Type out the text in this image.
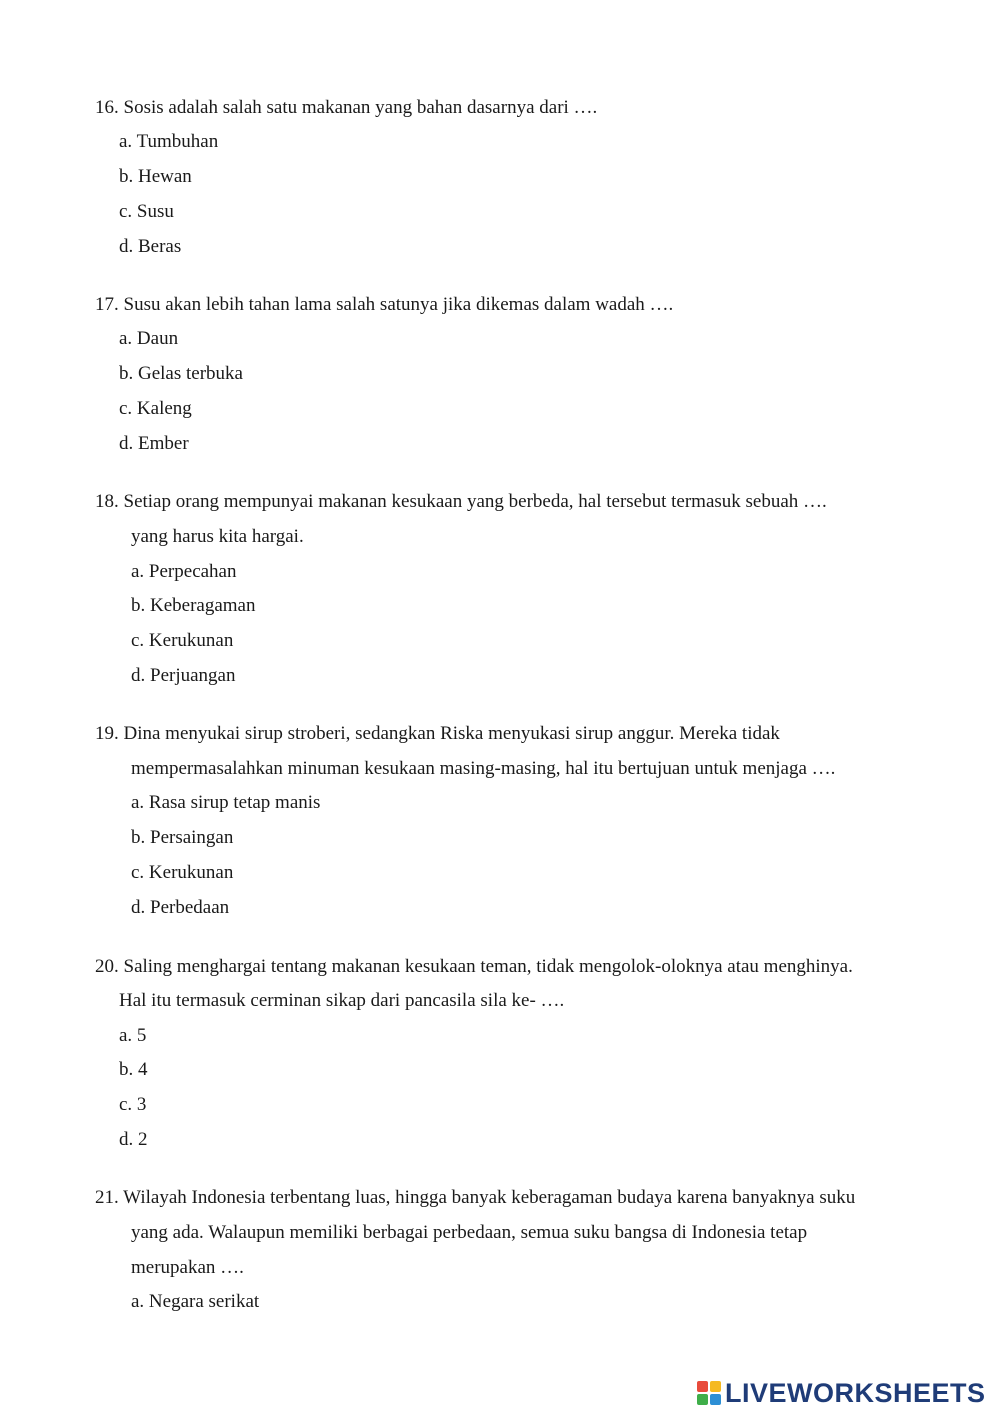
16. Sosis adalah salah satu makanan yang bahan dasarnya dari ….
a. Tumbuhan
b. Hewan
c. Susu
d. Beras
17. Susu akan lebih tahan lama salah satunya jika dikemas dalam wadah ….
a. Daun
b. Gelas terbuka
c. Kaleng
d. Ember
18. Setiap orang mempunyai makanan kesukaan yang berbeda, hal tersebut termasuk sebuah ….
yang harus kita hargai.
a. Perpecahan
b. Keberagaman
c. Kerukunan
d. Perjuangan
19. Dina menyukai sirup stroberi, sedangkan Riska menyukasi sirup anggur. Mereka tidak
mempermasalahkan minuman kesukaan masing-masing, hal itu bertujuan untuk menjaga ….
a. Rasa sirup tetap manis
b. Persaingan
c. Kerukunan
d. Perbedaan
20. Saling menghargai tentang makanan kesukaan teman, tidak mengolok-oloknya atau menghinya.
Hal itu termasuk cerminan sikap dari pancasila sila ke- ….
a. 5
b. 4
c. 3
d. 2
21. Wilayah Indonesia terbentang luas, hingga banyak keberagaman budaya karena banyaknya suku
yang ada. Walaupun memiliki berbagai perbedaan, semua suku bangsa di Indonesia tetap
merupakan ….
a. Negara serikat
LIVEWORKSHEETS
